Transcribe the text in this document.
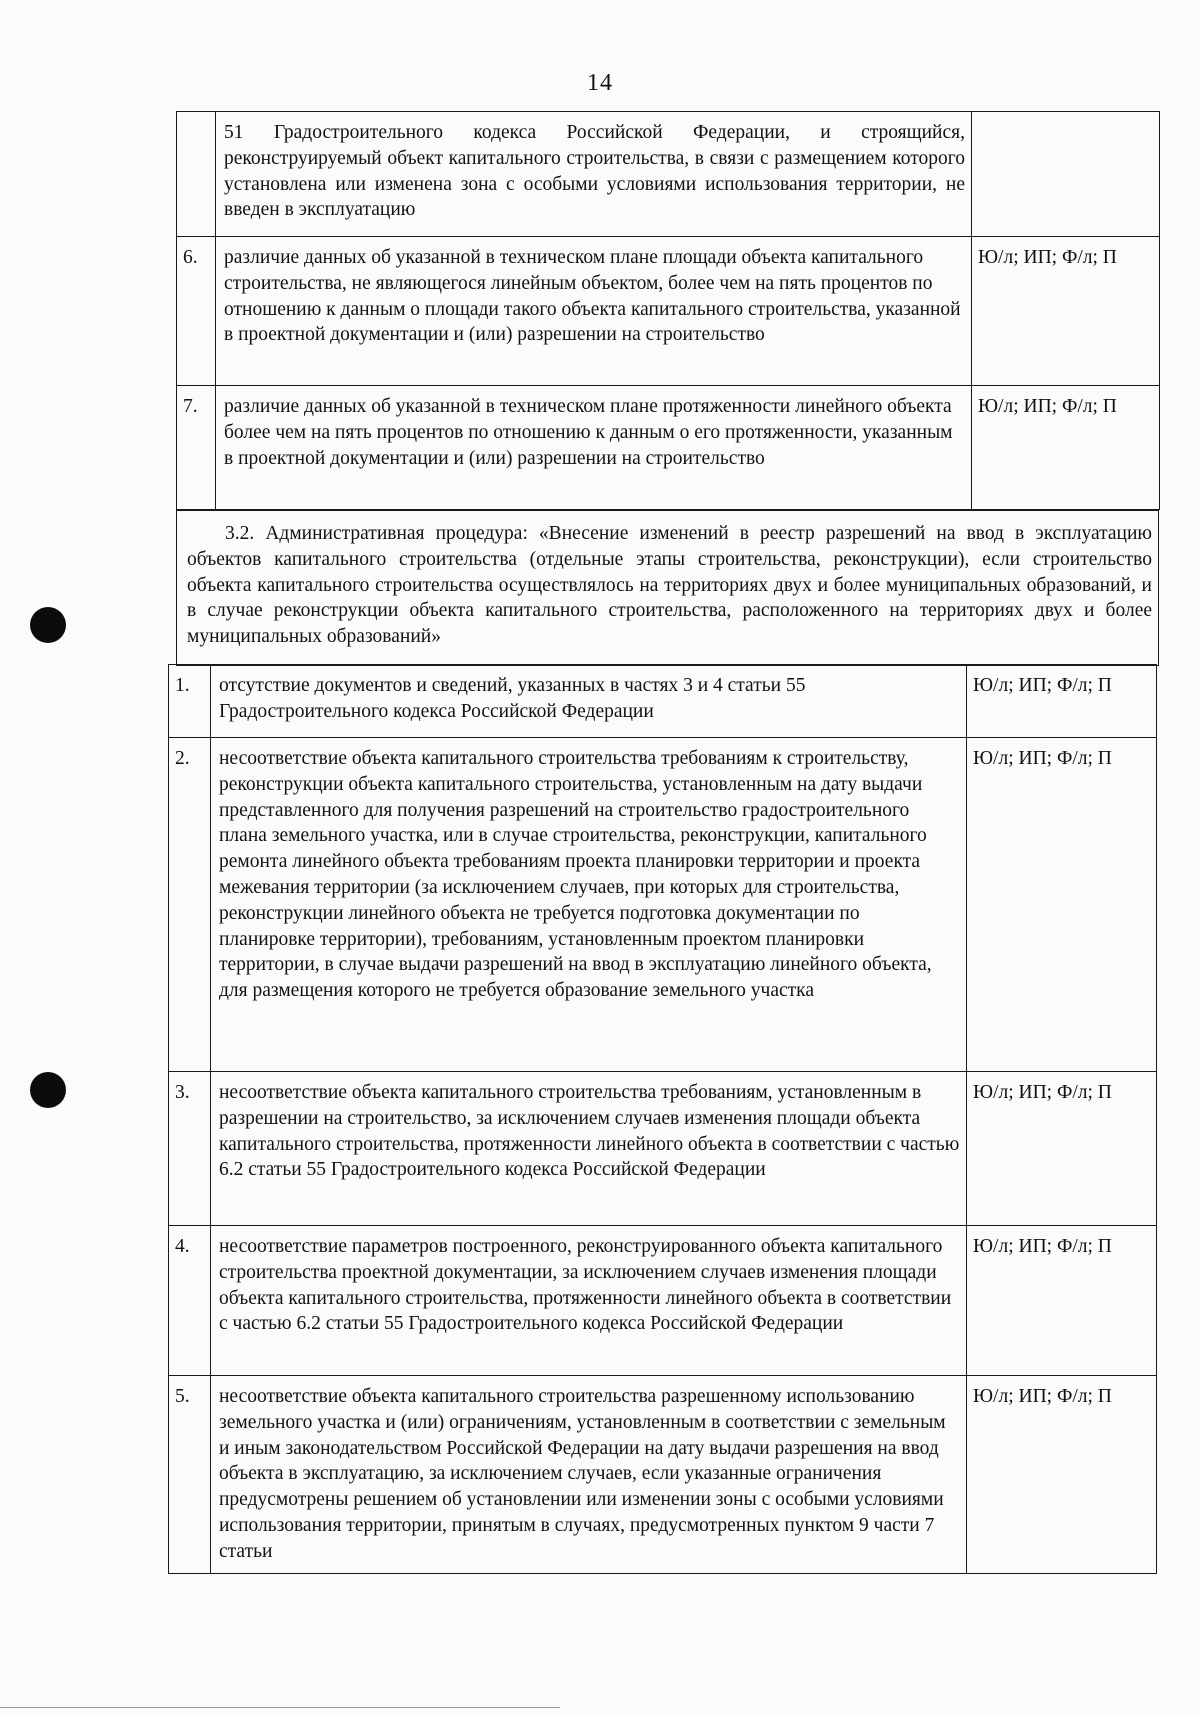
14
	51 Градостроительного кодекса Российской Федерации, и строящийся, реконструируемый объект капитального строительства, в связи с размещением которого установлена или изменена зона с особыми условиями использования территории, не введен в эксплуатацию	
6.	различие данных об указанной в техническом плане площади объекта капитального строительства, не являющегося линейным объектом, более чем на пять процентов по отношению к данным о площади такого объекта капитального строительства, указанной в проектной документации и (или) разрешении на строительство	Ю/л; ИП; Ф/л; П
7.	различие данных об указанной в техническом плане протяженности линейного объекта более чем на пять процентов по отношению к данным о его протяженности, указанным в проектной документации и (или) разрешении на строительство	Ю/л; ИП; Ф/л; П
3.2. Административная процедура: «Внесение изменений в реестр разрешений на ввод в эксплуатацию объектов капитального строительства (отдельные этапы строительства, реконструкции), если строительство объекта капитального строительства осуществлялось на территориях двух и более муниципальных образований, и в случае реконструкции объекта капитального строительства, расположенного на территориях двух и более муниципальных образований»
1.	отсутствие документов и сведений, указанных в частях 3 и 4 статьи 55 Градостроительного кодекса Российской Федерации	Ю/л; ИП; Ф/л; П
2.	несоответствие объекта капитального строительства требованиям к строительству, реконструкции объекта капитального строительства, установленным на дату выдачи представленного для получения разрешений на строительство градостроительного плана земельного участка, или в случае строительства, реконструкции, капитального ремонта линейного объекта требованиям проекта планировки территории и проекта межевания территории (за исключением случаев, при которых для строительства, реконструкции линейного объекта не требуется подготовка документации по планировке территории), требованиям, установленным проектом планировки территории, в случае выдачи разрешений на ввод в эксплуатацию линейного объекта, для размещения которого не требуется образование земельного участка	Ю/л; ИП; Ф/л; П
3.	несоответствие объекта капитального строительства требованиям, установленным в разрешении на строительство, за исключением случаев изменения площади объекта капитального строительства, протяженности линейного объекта в соответствии с частью 6.2 статьи 55 Градостроительного кодекса Российской Федерации	Ю/л; ИП; Ф/л; П
4.	несоответствие параметров построенного, реконструированного объекта капитального строительства проектной документации, за исключением случаев изменения площади объекта капитального строительства, протяженности линейного объекта в соответствии с частью 6.2 статьи 55 Градостроительного кодекса Российской Федерации	Ю/л; ИП; Ф/л; П
5.	несоответствие объекта капитального строительства разрешенному использованию земельного участка и (или) ограничениям, установленным в соответствии с земельным и иным законодательством Российской Федерации на дату выдачи разрешения на ввод объекта в эксплуатацию, за исключением случаев, если указанные ограничения предусмотрены решением об установлении или изменении зоны с особыми условиями использования территории, принятым в случаях, предусмотренных пунктом 9 части 7 статьи	Ю/л; ИП; Ф/л; П
